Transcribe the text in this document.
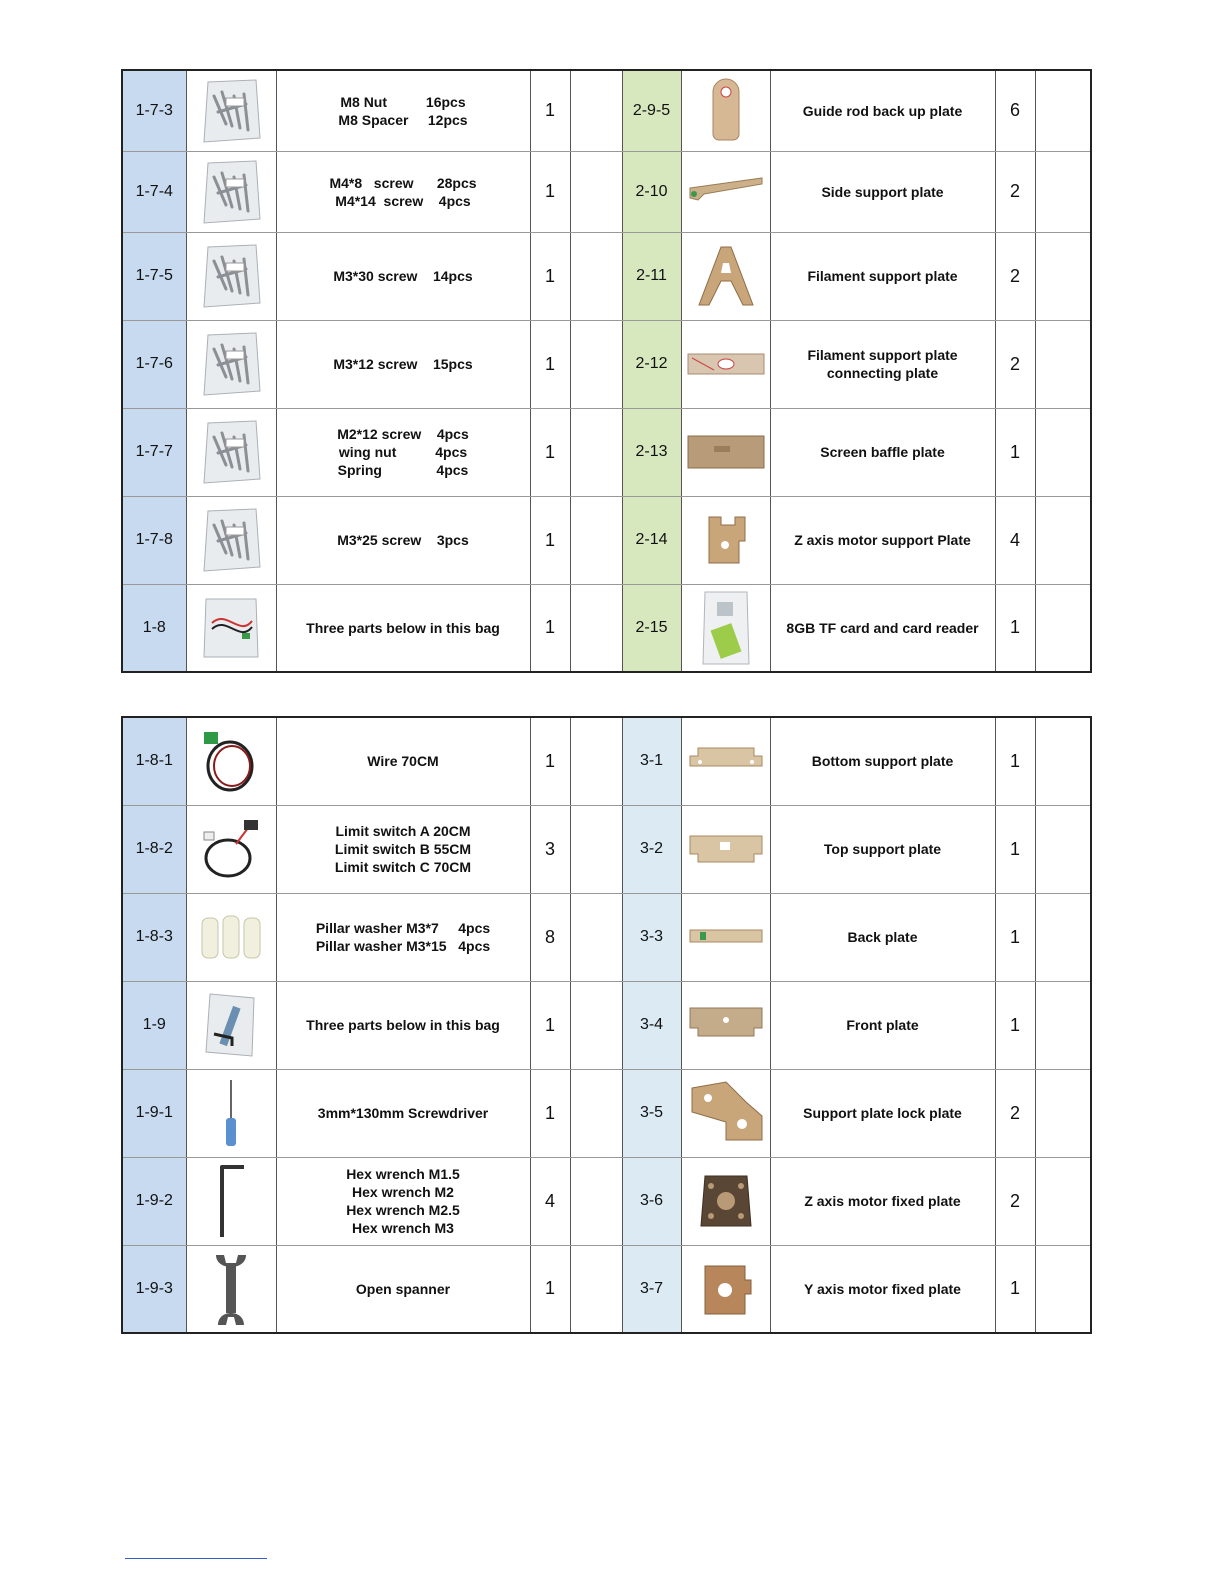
1-7-3		M8 Nut          16pcs
M8 Spacer     12pcs	1		2-9-5		Guide rod back up plate	6	
1-7-4		M4*8   screw      28pcs
M4*14  screw    4pcs	1		2-10		Side support plate	2	
1-7-5		M3*30 screw    14pcs	1		2-11		Filament support plate	2	
1-7-6		M3*12 screw    15pcs	1		2-12		Filament support plate
connecting plate	2	
1-7-7		M2*12 screw    4pcs
wing nut          4pcs
Spring              4pcs	1		2-13		Screen baffle plate	1	
1-7-8		M3*25 screw    3pcs	1		2-14		Z axis motor support Plate	4	
1-8		Three parts below in this bag	1		2-15		8GB TF card and card reader	1	
1-8-1		Wire 70CM	1		3-1		Bottom support plate	1	
1-8-2		Limit switch A 20CM
Limit switch B 55CM
Limit switch C 70CM	3		3-2		Top support plate	1	
1-8-3		Pillar washer M3*7     4pcs
Pillar washer M3*15   4pcs	8		3-3		Back plate	1	
1-9		Three parts below in this bag	1		3-4		Front plate	1	
1-9-1		3mm*130mm Screwdriver	1		3-5		Support plate lock plate	2	
1-9-2		Hex wrench M1.5
Hex wrench M2
Hex wrench M2.5
Hex wrench M3	4		3-6		Z axis motor fixed plate	2	
1-9-3		Open spanner	1		3-7		Y axis motor fixed plate	1	
